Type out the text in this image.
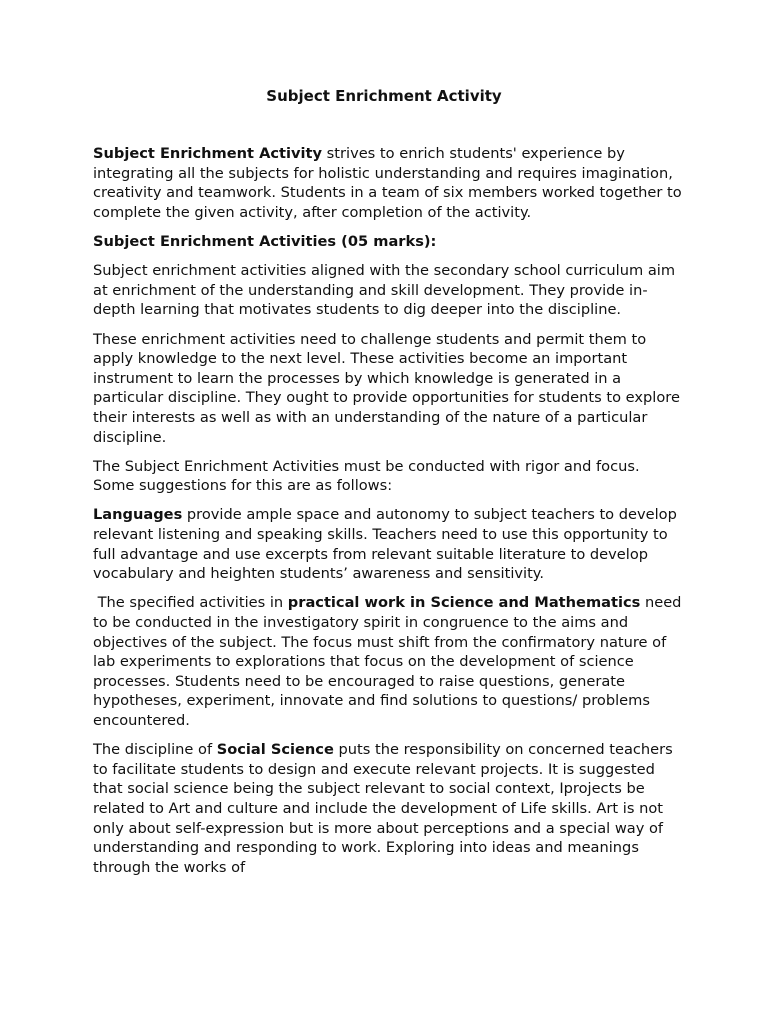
Subject Enrichment Activity

Subject Enrichment Activity strives to enrich students' experience by integrating all the subjects for holistic understanding and requires imagination, creativity and teamwork. Students in a team of six members worked together to complete the given activity, after completion of the activity.

Subject Enrichment Activities (05 marks):

Subject enrichment activities aligned with the secondary school curriculum aim at enrichment of the understanding and skill development. They provide in-depth learning that motivates students to dig deeper into the discipline.

These enrichment activities need to challenge students and permit them to apply knowledge to the next level. These activities become an important instrument to learn the processes by which knowledge is generated in a particular discipline. They ought to provide opportunities for students to explore their interests as well as with an understanding of the nature of a particular discipline.

The Subject Enrichment Activities must be conducted with rigor and focus. Some suggestions for this are as follows:

Languages provide ample space and autonomy to subject teachers to develop relevant listening and speaking skills. Teachers need to use this opportunity to full advantage and use excerpts from relevant suitable literature to develop vocabulary and heighten students’ awareness and sensitivity.

The specified activities in practical work in Science and Mathematics need to be conducted in the investigatory spirit in congruence to the aims and objectives of the subject. The focus must shift from the confirmatory nature of lab experiments to explorations that focus on the development of science processes. Students need to be encouraged to raise questions, generate hypotheses, experiment, innovate and find solutions to questions/ problems encountered.

The discipline of Social Science puts the responsibility on concerned teachers to facilitate students to design and execute relevant projects. It is suggested that social science being the subject relevant to social context, Iprojects be related to Art and culture and include the development of Life skills. Art is not only about self-expression but is more about perceptions and a special way of understanding and responding to work. Exploring into ideas and meanings through the works of
